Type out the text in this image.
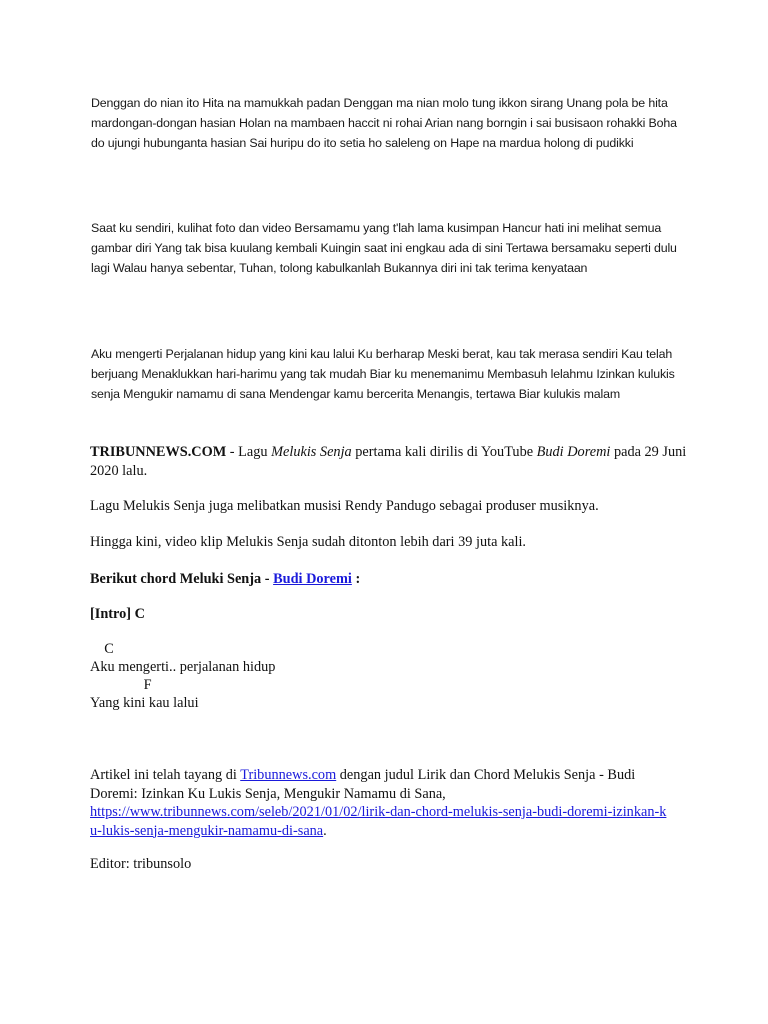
Denggan do nian ito Hita na mamukkah padan Denggan ma nian molo tung ikkon sirang Unang pola be hita mardongan-dongan hasian Holan na mambaen haccit ni rohai Arian nang borngin i sai busisaon rohakki Boha do ujungi hubunganta hasian Sai huripu do ito setia ho saleleng on Hape na mardua holong di pudikki
Saat ku sendiri, kulihat foto dan video Bersamamu yang t'lah lama kusimpan Hancur hati ini melihat semua gambar diri Yang tak bisa kuulang kembali Kuingin saat ini engkau ada di sini Tertawa bersamaku seperti dulu lagi Walau hanya sebentar, Tuhan, tolong kabulkanlah Bukannya diri ini tak terima kenyataan
Aku mengerti Perjalanan hidup yang kini kau lalui Ku berharap Meski berat, kau tak merasa sendiri Kau telah berjuang Menaklukkan hari-harimu yang tak mudah Biar ku menemanimu Membasuh lelahmu Izinkan kulukis senja Mengukir namamu di sana Mendengar kamu bercerita Menangis, tertawa Biar kulukis malam
TRIBUNNEWS.COM - Lagu Melukis Senja pertama kali dirilis di YouTube Budi Doremi pada 29 Juni 2020 lalu.
Lagu Melukis Senja juga melibatkan musisi Rendy Pandugo sebagai produser musiknya.
Hingga kini, video klip Melukis Senja sudah ditonton lebih dari 39 juta kali.
Berikut chord Meluki Senja - Budi Doremi :
[Intro] C
C
Aku mengerti.. perjalanan hidup
F
Yang kini kau lalui
Artikel ini telah tayang di Tribunnews.com dengan judul Lirik dan Chord Melukis Senja - Budi Doremi: Izinkan Ku Lukis Senja, Mengukir Namamu di Sana,
https://www.tribunnews.com/seleb/2021/01/02/lirik-dan-chord-melukis-senja-budi-doremi-izinkan-ku-lukis-senja-mengukir-namamu-di-sana.
Editor: tribunsolo
